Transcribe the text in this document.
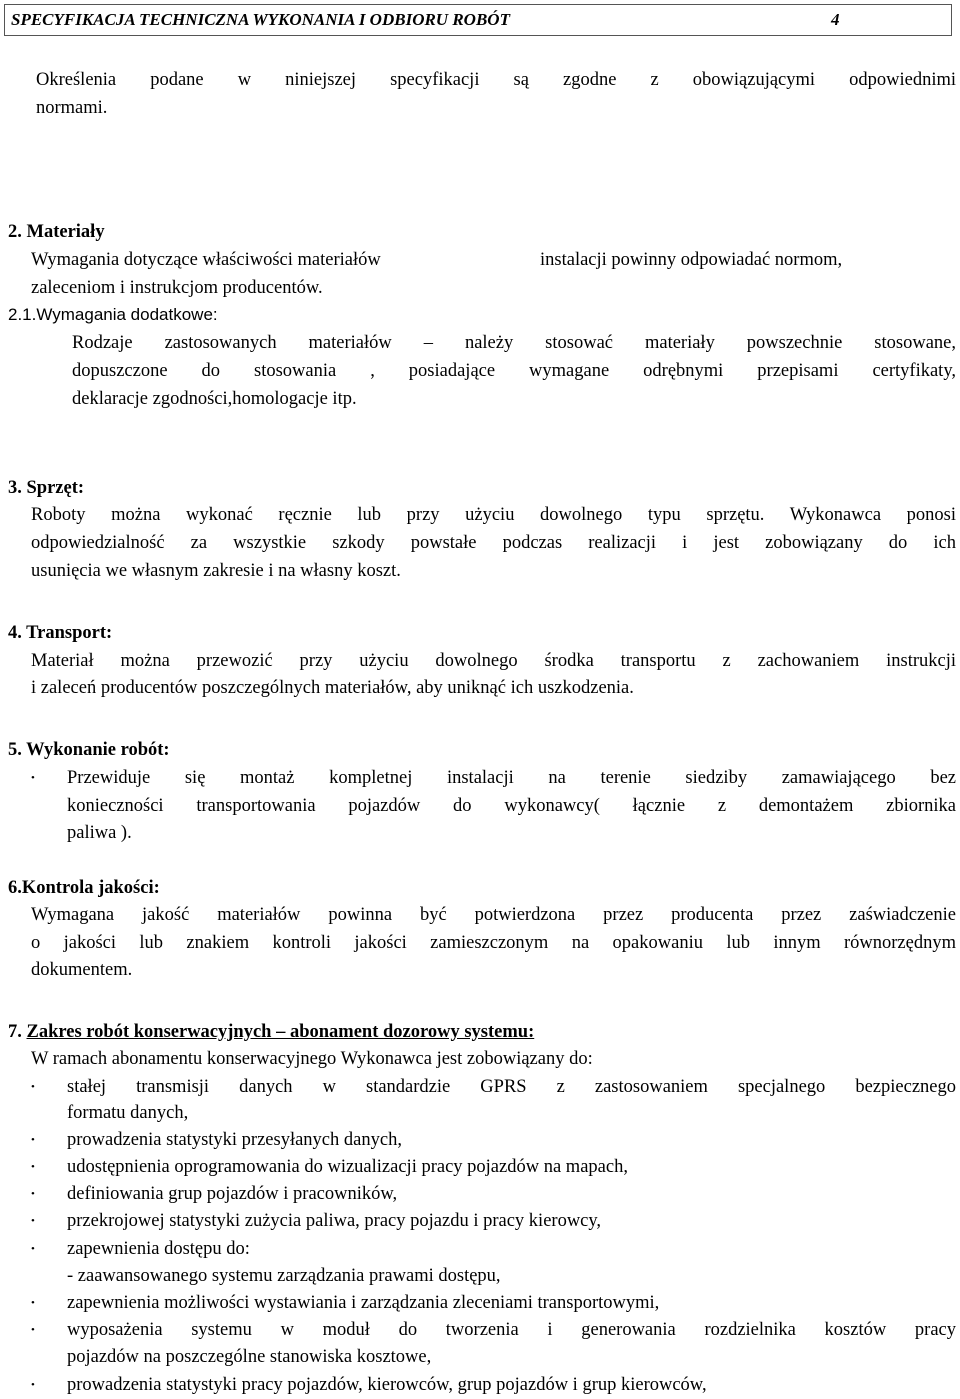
SPECYFIKACJA TECHNICZNA WYKONANIA I ODBIORU ROBÓT	4
Określenia podane w niniejszej specyfikacji są zgodne z obowiązującymi odpowiednimi
normami.
2. Materiały
Wymagania dotyczące właściwości materiałów	instalacji powinny odpowiadać normom,
zaleceniom i instrukcjom producentów.
2.1.Wymagania dodatkowe:
Rodzaje zastosowanych materiałów – należy stosować materiały powszechnie stosowane,
dopuszczone do stosowania , posiadające wymagane odrębnymi przepisami certyfikaty,
deklaracje zgodności,homologacje itp.
3. Sprzęt:
Roboty można wykonać ręcznie lub przy użyciu dowolnego typu sprzętu. Wykonawca ponosi
odpowiedzialność za wszystkie szkody powstałe podczas realizacji i jest zobowiązany do ich
usunięcia we własnym zakresie i na własny koszt.
4. Transport:
Materiał można przewozić przy użyciu dowolnego środka transportu z zachowaniem instrukcji
i zaleceń producentów poszczególnych materiałów, aby uniknąć ich uszkodzenia.
5. Wykonanie robót:
• Przewiduje się montaż kompletnej instalacji na terenie siedziby zamawiającego bez
konieczności transportowania pojazdów do wykonawcy( łącznie z demontażem zbiornika
paliwa ).
6.Kontrola jakości:
Wymagana jakość materiałów powinna być potwierdzona przez producenta przez zaświadczenie
o jakości lub znakiem kontroli jakości zamieszczonym na opakowaniu lub innym równorzędnym
dokumentem.
7. Zakres robót konserwacyjnych – abonament dozorowy systemu:
W ramach abonamentu konserwacyjnego Wykonawca jest zobowiązany do:
• stałej transmisji danych w standardzie GPRS z zastosowaniem specjalnego bezpiecznego
formatu danych,
• prowadzenia statystyki przesyłanych danych,
• udostępnienia oprogramowania do wizualizacji pracy pojazdów na mapach,
• definiowania grup pojazdów i pracowników,
• przekrojowej statystyki zużycia paliwa, pracy pojazdu i pracy kierowcy,
• zapewnienia dostępu do:
- zaawansowanego systemu zarządzania prawami dostępu,
• zapewnienia możliwości wystawiania i zarządzania zleceniami transportowymi,
• wyposażenia systemu w moduł do tworzenia i generowania rozdzielnika kosztów pracy
pojazdów na poszczególne stanowiska kosztowe,
• prowadzenia statystyki pracy pojazdów, kierowców, grup pojazdów i grup kierowców,
